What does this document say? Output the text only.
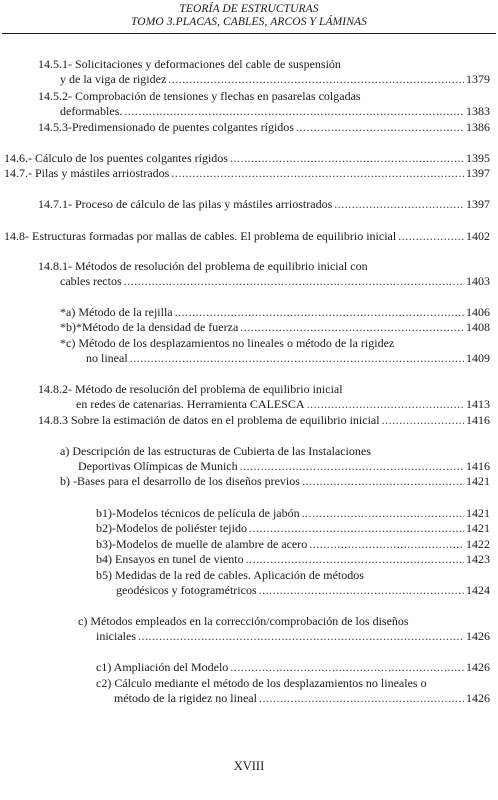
TEORÍA DE ESTRUCTURAS
TOMO 3.PLACAS, CABLES, ARCOS Y LÁMINAS
14.5.1- Solicitaciones y deformaciones del cable de suspensión
y de la viga de rigidez .....	1379
14.5.2- Comprobación de tensiones y flechas en pasarelas colgadas
deformables. .....	1383
14.5.3-Predimensionado de puentes colgantes rígidos .....	1386
14.6.- Cálculo de los puentes colgantes rígidos .....	1395
14.7.- Pilas y mástiles arriostrados .....	1397
14.7.1- Proceso de cálculo de las pilas y mástiles arriostrados .....	1397
14.8- Estructuras formadas por mallas de cables. El problema de equilibrio inicial .....	1402
14.8.1- Métodos de resolución del problema de equilibrio inicial con
cables rectos .....	1403
*a) Método de la rejilla .....	1406
*b)*Método de la densidad de fuerza .....	1408
*c) Método de los desplazamientos no lineales o método de la rigidez
no lineal .....	1409
14.8.2- Método de resolución del problema de equilibrio inicial
en redes de catenarias. Herramienta CALESCA .....	1413
14.8.3 Sobre la estimación de datos en el problema de equilibrio inicial .....	1416
a) Descripción de las estructuras de Cubierta de las Instalaciones
Deportivas Olímpicas de Munich .....	1416
b) -Bases para el desarrollo de los diseños previos .....	1421
b1)-Modelos técnicos de película de jabón .....	1421
b2)-Modelos de poliéster tejido .....	1421
b3)-Modelos de muelle de alambre de acero .....	1422
b4) Ensayos en tunel de viento .....	1423
b5) Medidas de la red de cables. Aplicación de métodos
geodésicos y fotogramétricos .....	1424
c) Métodos empleados en la corrección/comprobación de los diseños
iniciales .....	1426
c1) Ampliación del Modelo .....	1426
c2) Cálculo mediante el método de los desplazamientos no lineales o
método de la rigidez no lineal .....	1426
XVIII
